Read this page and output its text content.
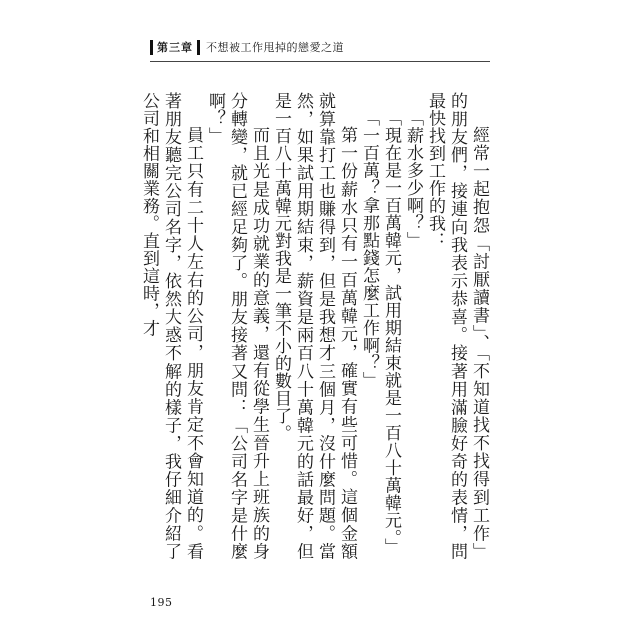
第三章 不想被工作甩掉的戀愛之道

經常一起抱怨「討厭讀書」、「不知道找不找得到工作」的朋友們，接連向我表示恭喜。接著用滿臉好奇的表情，問最快找到工作的我：

「薪水多少啊？」

「現在是一百萬韓元，試用期結束就是一百八十萬韓元。」

「一百萬？拿那點錢怎麼工作啊？」

第一份薪水只有一百萬韓元，確實有些可惜。這個金額就算靠打工也賺得到，但是我想才三個月，沒什麼問題。當然，如果試用期結束，薪資是兩百八十萬韓元的話最好，但是一百八十萬韓元對我是一筆不小的數目了。

而且光是成功就業的意義，還有從學生晉升上班族的身分轉變，就已經足夠了。朋友接著又問：「公司名字是什麼啊？」

員工只有二十人左右的公司，朋友肯定不會知道的。看著朋友聽完公司名字，依然大惑不解的樣子，我仔細介紹了公司和相關業務。直到這時，才

195
